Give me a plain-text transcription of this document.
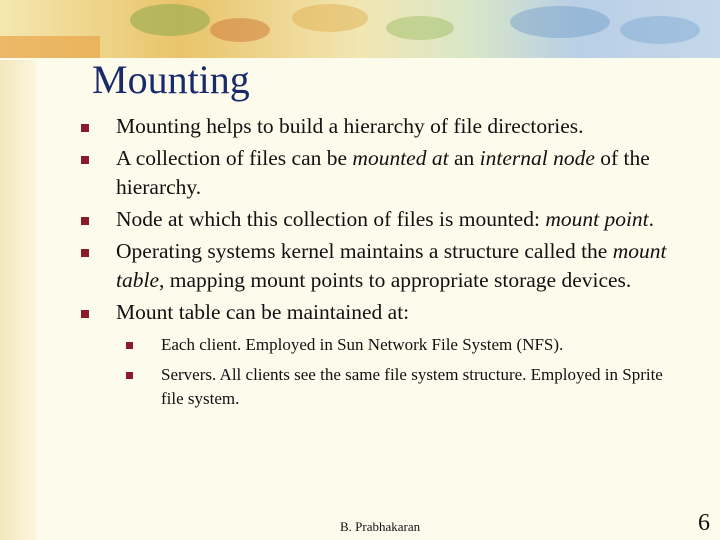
Mounting
Mounting helps to build a hierarchy of file directories.
A collection of files can be mounted at an internal node of the hierarchy.
Node at which this collection of files is mounted: mount point.
Operating systems kernel maintains a structure called the mount table, mapping mount points to appropriate storage devices.
Mount table can be maintained at:
Each client. Employed in Sun Network File System (NFS).
Servers. All clients see the same file system structure. Employed in Sprite file system.
B. Prabhakaran	6
